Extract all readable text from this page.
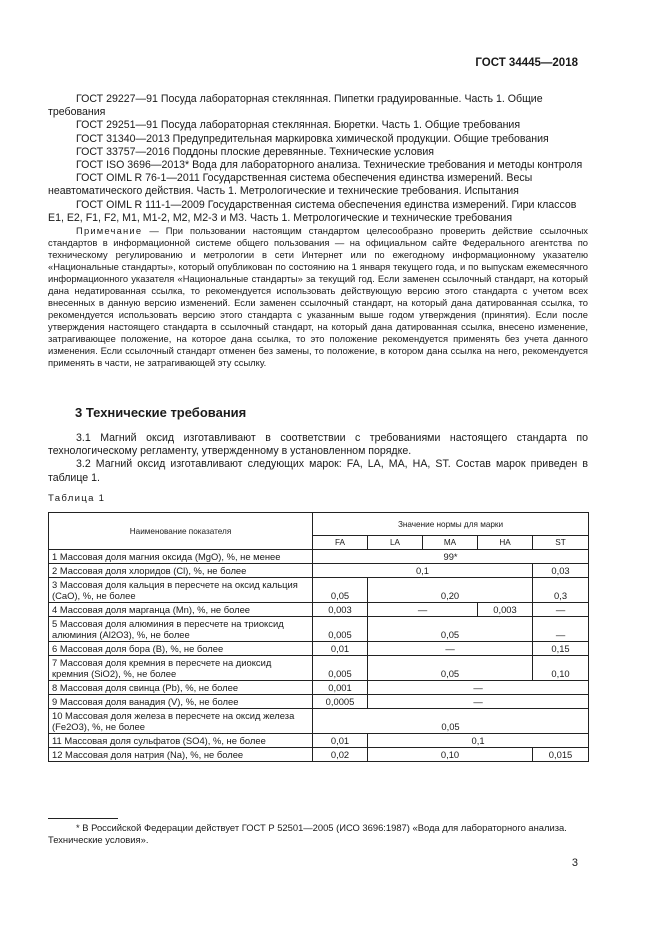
ГОСТ 34445—2018

ГОСТ 29227—91 Посуда лабораторная стеклянная. Пипетки градуированные. Часть 1. Общие требования

ГОСТ 29251—91 Посуда лабораторная стеклянная. Бюретки. Часть 1. Общие требования

ГОСТ 31340—2013 Предупредительная маркировка химической продукции. Общие требования

ГОСТ 33757—2016 Поддоны плоские деревянные. Технические условия

ГОСТ ISO 3696—2013* Вода для лабораторного анализа. Технические требования и методы контроля

ГОСТ OIML R 76-1—2011 Государственная система обеспечения единства измерений. Весы неавтоматического действия. Часть 1. Метрологические и технические требования. Испытания

ГОСТ OIML R 111-1—2009 Государственная система обеспечения единства измерений. Гири классов E1, E2, F1, F2, M1, M1-2, M2, M2-3 и M3. Часть 1. Метрологические и технические требования

Примечание — При пользовании настоящим стандартом целесообразно проверить действие ссылочных стандартов в информационной системе общего пользования — на официальном сайте Федерального агентства по техническому регулированию и метрологии в сети Интернет или по ежегодному информационному указателю «Национальные стандарты», который опубликован по состоянию на 1 января текущего года, и по выпускам ежемесячного информационного указателя «Национальные стандарты» за текущий год. Если заменен ссылочный стандарт, на который дана недатированная ссылка, то рекомендуется использовать действующую версию этого стандарта с учетом всех внесенных в данную версию изменений. Если заменен ссылочный стандарт, на который дана датированная ссылка, то рекомендуется использовать версию этого стандарта с указанным выше годом утверждения (принятия). Если после утверждения настоящего стандарта в ссылочный стандарт, на который дана датированная ссылка, внесено изменение, затрагивающее положение, на которое дана ссылка, то это положение рекомендуется применять без учета данного изменения. Если ссылочный стандарт отменен без замены, то положение, в котором дана ссылка на него, рекомендуется применять в части, не затрагивающей эту ссылку.

3 Технические требования

3.1 Магний оксид изготавливают в соответствии с требованиями настоящего стандарта по технологическому регламенту, утвержденному в установленном порядке.

3.2 Магний оксид изготавливают следующих марок: FA, LA, MA, HA, ST. Состав марок приведен в таблице 1.

Таблица 1
Наименование показателя	Значение нормы для марки				
	FA	LA	MA	HA	ST
1 Массовая доля магния оксида (MgO), %, не менее	99*				
2 Массовая доля хлоридов (Cl), %, не более	0,1				0,03
3 Массовая доля кальция в пересчете на оксид кальция (CaO), %, не более	0,05	0,20			0,3
4 Массовая доля марганца (Mn), %, не более	0,003	—		0,003	—
5 Массовая доля алюминия в пересчете на триоксид алюминия (Al2O3), %, не более	0,005	0,05			—
6 Массовая доля бора (B), %, не более	0,01	—			0,15
7 Массовая доля кремния в пересчете на диоксид кремния (SiO2), %, не более	0,005	0,05			0,10
8 Массовая доля свинца (Pb), %, не более	0,001	—			
9 Массовая доля ванадия (V), %, не более	0,0005	—			
10 Массовая доля железа в пересчете на оксид железа (Fe2O3), %, не более	0,05				
11 Массовая доля сульфатов (SO4), %, не более	0,01	0,1			
12 Массовая доля натрия (Na), %, не более	0,02	0,10			0,015
* В Российской Федерации действует ГОСТ Р 52501—2005 (ИСО 3696:1987) «Вода для лабораторного анализа. Технические условия».
3
